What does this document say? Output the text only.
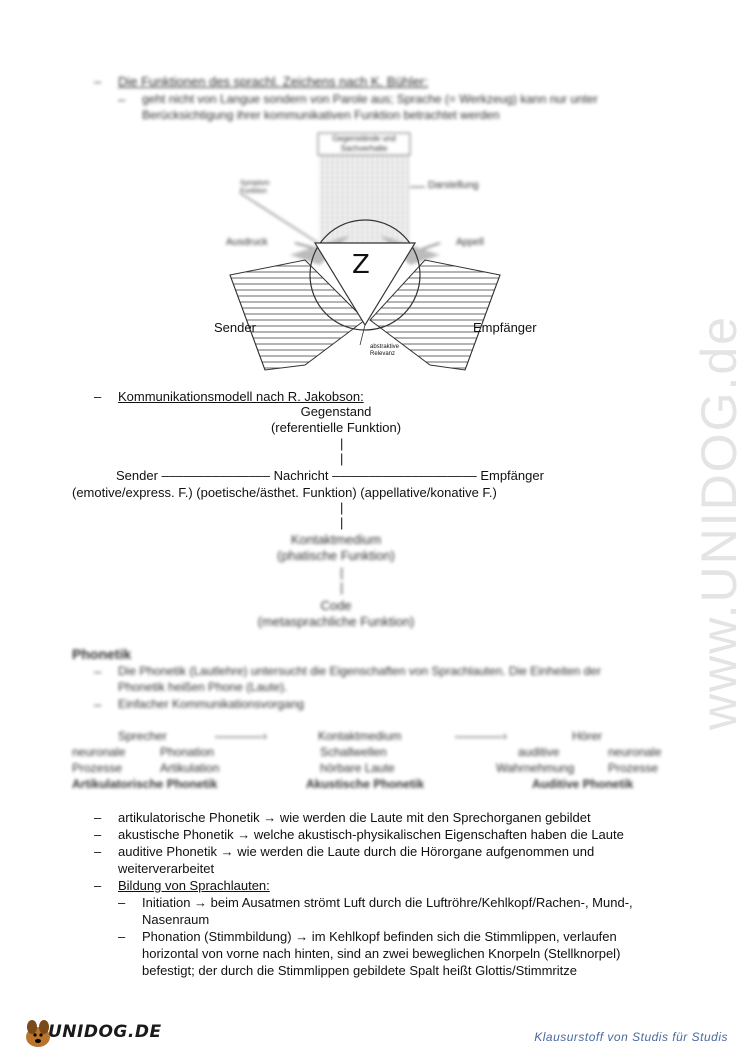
www.UNIDOG.de
– Die Funktionen des sprachl. Zeichens nach K. Bühler:
– geht nicht von Langue sondern von Parole aus; Sprache (= Werkzeug) kann nur unter
Berücksichtigung ihrer kommunikativen Funktion betrachtet werden
Gegenstände und Sachverhalte
Darstellung
Symptom Funktion
Ausdruck	Appell
Z
Sender	Empfänger
abstraktive Relevanz
– Kommunikationsmodell nach R. Jakobson:
Gegenstand
(referentielle Funktion)
|
|
Sender ––––––––––––––– Nachricht –––––––––––––––––––– Empfänger
(emotive/express. F.) (poetische/ästhet. Funktion) (appellative/konative F.)
|
|
Kontaktmedium
(phatische Funktion)
|
|
Code
(metasprachliche Funktion)
Phonetik
– Die Phonetik (Lautlehre) untersucht die Eigenschaften von Sprachlauten. Die Einheiten der
Phonetik heißen Phone (Laute).
– Einfacher Kommunikationsvorgang
Sprecher	————›	Kontaktmedium	————›	Hörer
neuronale	Phonation	Schallwellen	auditive	neuronale
Prozesse	Artikulation	hörbare Laute	Wahrnehmung	Prozesse
Artikulatorische Phonetik	Akustische Phonetik	Auditive Phonetik
– artikulatorische Phonetik → wie werden die Laute mit den Sprechorganen gebildet
– akustische Phonetik → welche akustisch-physikalischen Eigenschaften haben die Laute
– auditive Phonetik → wie werden die Laute durch die Hörorgane aufgenommen und
weiterverarbeitet
– Bildung von Sprachlauten:
– Initiation → beim Ausatmen strömt Luft durch die Luftröhre/Kehlkopf/Rachen-, Mund-,
Nasenraum
– Phonation (Stimmbildung) → im Kehlkopf befinden sich die Stimmlippen, verlaufen
horizontal von vorne nach hinten, sind an zwei beweglichen Knorpeln (Stellknorpel)
befestigt; der durch die Stimmlippen gebildete Spalt heißt Glottis/Stimmritze
UNIDOG.DE	Klausurstoff von Studis für Studis
